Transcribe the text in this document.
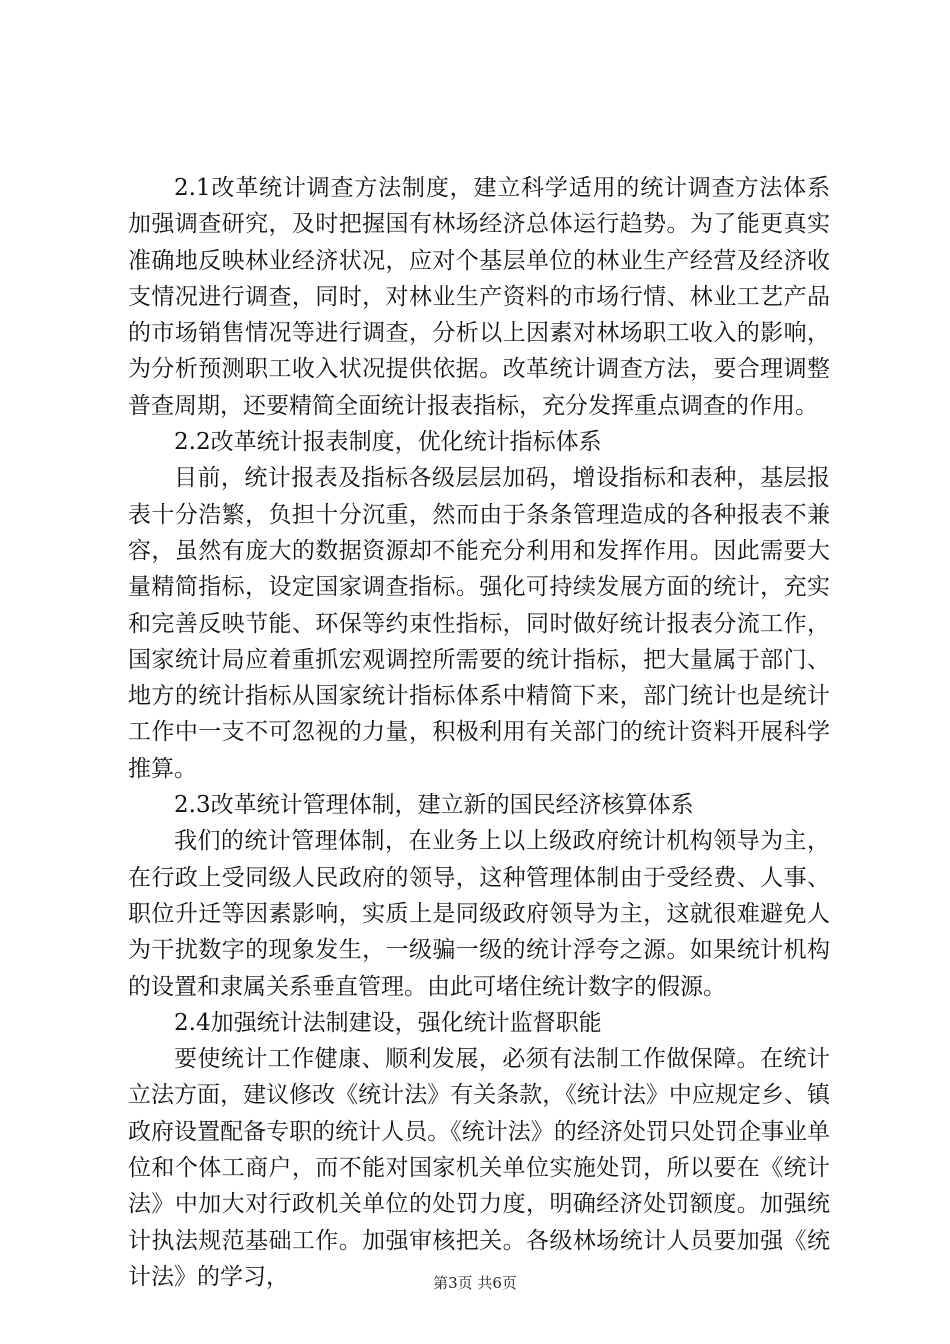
2.1改革统计调查方法制度，建立科学适用的统计调查方法体系加强调查研究，及时把握国有林场经济总体运行趋势。为了能更真实准确地反映林业经济状况，应对个基层单位的林业生产经营及经济收支情况进行调查，同时，对林业生产资料的市场行情、林业工艺产品的市场销售情况等进行调查，分析以上因素对林场职工收入的影响，为分析预测职工收入状况提供依据。改革统计调查方法，要合理调整普查周期，还要精简全面统计报表指标，充分发挥重点调查的作用。

2.2改革统计报表制度，优化统计指标体系

目前，统计报表及指标各级层层加码，增设指标和表种，基层报表十分浩繁，负担十分沉重，然而由于条条管理造成的各种报表不兼容，虽然有庞大的数据资源却不能充分利用和发挥作用。因此需要大量精简指标，设定国家调查指标。强化可持续发展方面的统计，充实和完善反映节能、环保等约束性指标，同时做好统计报表分流工作，国家统计局应着重抓宏观调控所需要的统计指标，把大量属于部门、地方的统计指标从国家统计指标体系中精简下来，部门统计也是统计工作中一支不可忽视的力量，积极利用有关部门的统计资料开展科学推算。

2.3改革统计管理体制，建立新的国民经济核算体系

我们的统计管理体制，在业务上以上级政府统计机构领导为主，在行政上受同级人民政府的领导，这种管理体制由于受经费、人事、职位升迁等因素影响，实质上是同级政府领导为主，这就很难避免人为干扰数字的现象发生，一级骗一级的统计浮夸之源。如果统计机构的设置和隶属关系垂直管理。由此可堵住统计数字的假源。

2.4加强统计法制建设，强化统计监督职能

要使统计工作健康、顺利发展，必须有法制工作做保障。在统计立法方面，建议修改《统计法》有关条款，《统计法》中应规定乡、镇政府设置配备专职的统计人员。《统计法》的经济处罚只处罚企事业单位和个体工商户，而不能对国家机关单位实施处罚，所以要在《统计法》中加大对行政机关单位的处罚力度，明确经济处罚额度。加强统计执法规范基础工作。加强审核把关。各级林场统计人员要加强《统计法》的学习，	第3页 共6页
